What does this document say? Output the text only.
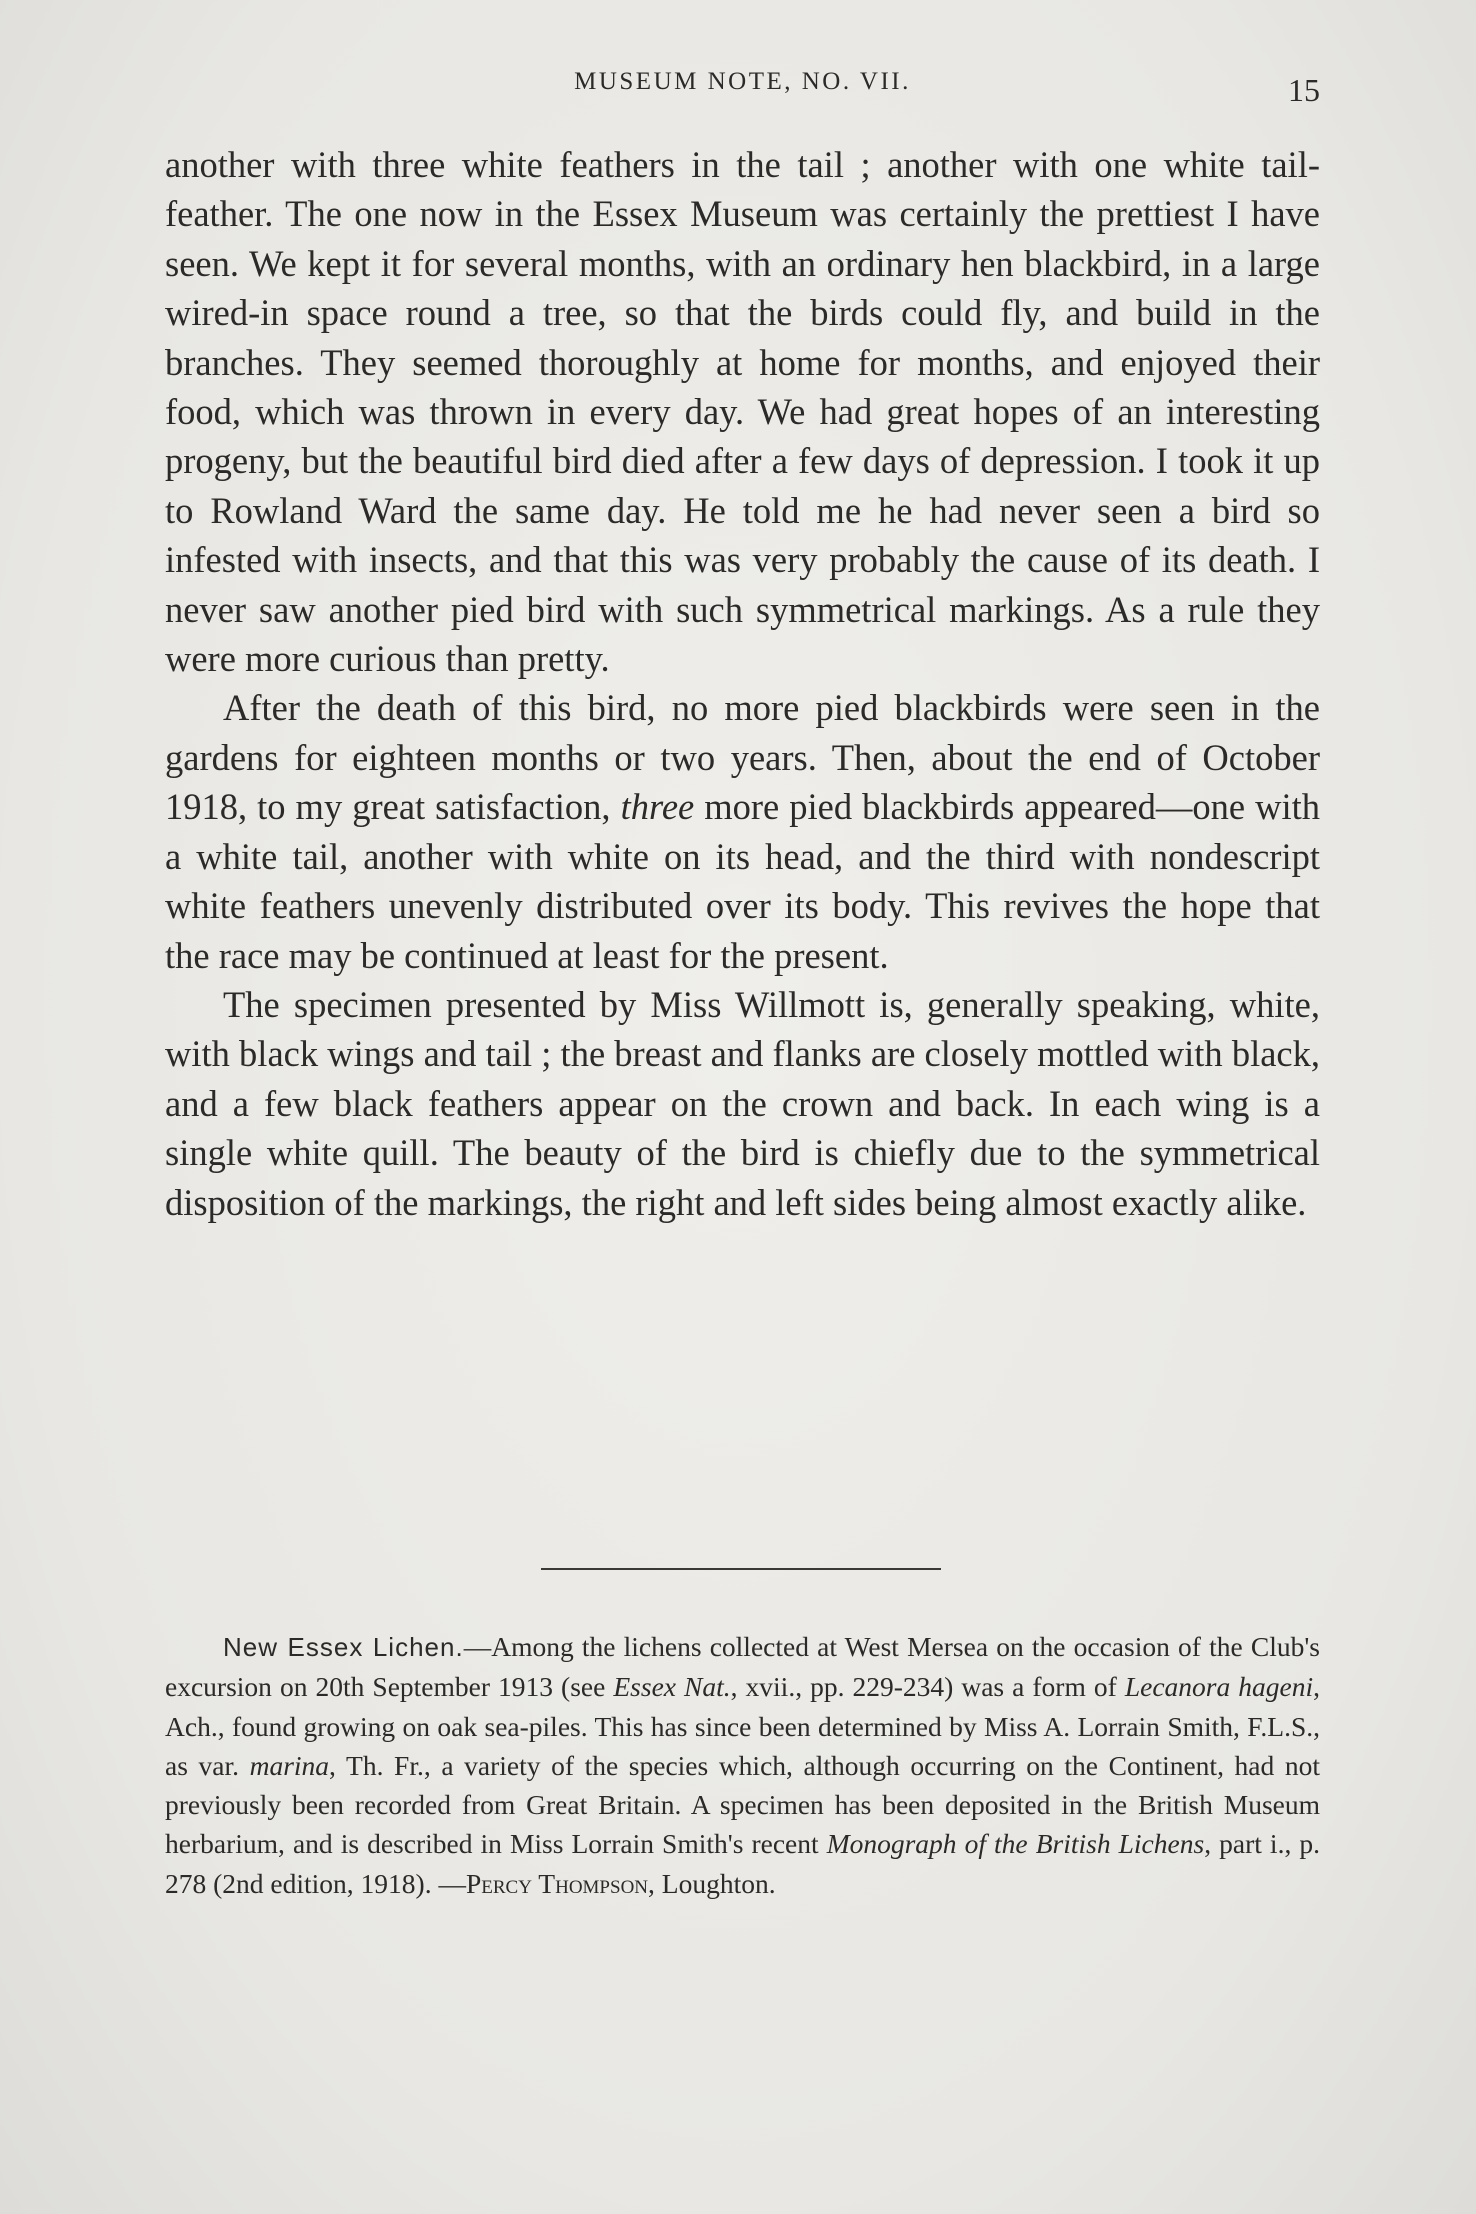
MUSEUM NOTE, NO. VII.	15

another with three white feathers in the tail ; another with one white tail-feather. The one now in the Essex Museum was certainly the prettiest I have seen. We kept it for several months, with an ordinary hen blackbird, in a large wired-in space round a tree, so that the birds could fly, and build in the branches. They seemed thoroughly at home for months, and enjoyed their food, which was thrown in every day. We had great hopes of an interesting progeny, but the beautiful bird died after a few days of depression. I took it up to Rowland Ward the same day. He told me he had never seen a bird so infested with insects, and that this was very probably the cause of its death. I never saw another pied bird with such symmetrical markings. As a rule they were more curious than pretty.

After the death of this bird, no more pied blackbirds were seen in the gardens for eighteen months or two years. Then, about the end of October 1918, to my great satisfaction, three more pied blackbirds appeared—one with a white tail, another with white on its head, and the third with nondescript white feathers unevenly distributed over its body. This revives the hope that the race may be continued at least for the present.

The specimen presented by Miss Willmott is, generally speaking, white, with black wings and tail ; the breast and flanks are closely mottled with black, and a few black feathers appear on the crown and back. In each wing is a single white quill. The beauty of the bird is chiefly due to the symmetrical disposition of the markings, the right and left sides being almost exactly alike.

New Essex Lichen.—Among the lichens collected at West Mersea on the occasion of the Club's excursion on 20th September 1913 (see Essex Nat., xvii., pp. 229-234) was a form of Lecanora hageni, Ach., found growing on oak sea-piles. This has since been determined by Miss A. Lorrain Smith, F.L.S., as var. marina, Th. Fr., a variety of the species which, although occurring on the Continent, had not previously been recorded from Great Britain. A specimen has been deposited in the British Museum herbarium, and is described in Miss Lorrain Smith's recent Monograph of the British Lichens, part i., p. 278 (2nd edition, 1918). —Percy Thompson, Loughton.
